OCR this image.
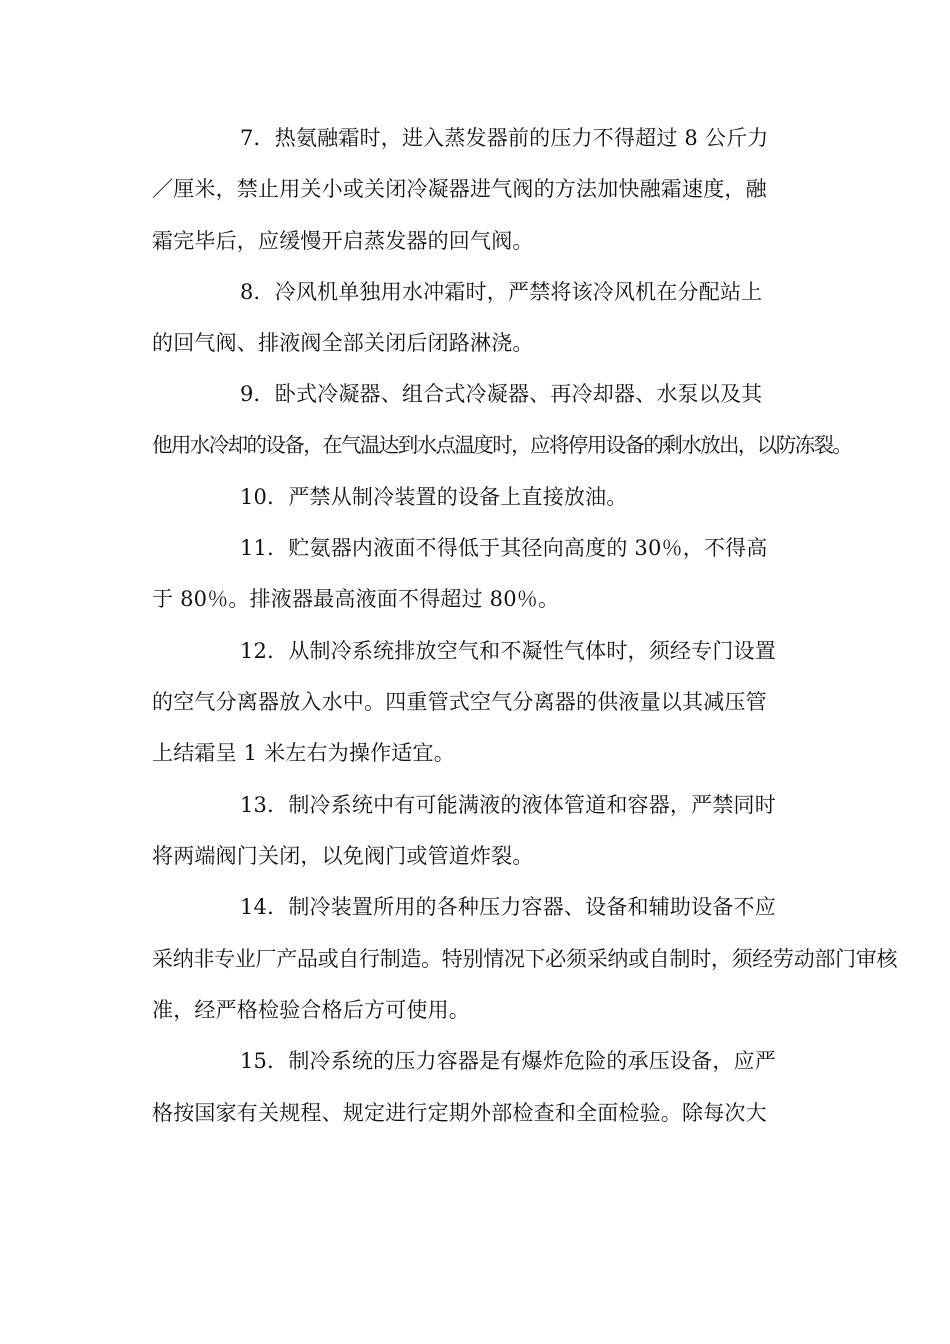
7．热氨融霜时，进入蒸发器前的压力不得超过 8 公斤力
／厘米，禁止用关小或关闭冷凝器进气阀的方法加快融霜速度，融
霜完毕后，应缓慢开启蒸发器的回气阀。
8．冷风机单独用水冲霜时，严禁将该冷风机在分配站上
的回气阀、排液阀全部关闭后闭路淋浇。
9．卧式冷凝器、组合式冷凝器、再冷却器、水泵以及其
他用水冷却的设备，在气温达到水点温度时，应将停用设备的剩水放出，以防冻裂。
10．严禁从制冷装置的设备上直接放油。
11．贮氨器内液面不得低于其径向高度的 30％，不得高
于 80％。排液器最高液面不得超过 80％。
12．从制冷系统排放空气和不凝性气体时，须经专门设置
的空气分离器放入水中。四重管式空气分离器的供液量以其减压管
上结霜呈 1 米左右为操作适宜。
13．制冷系统中有可能满液的液体管道和容器，严禁同时
将两端阀门关闭，以免阀门或管道炸裂。
14．制冷装置所用的各种压力容器、设备和辅助设备不应
采纳非专业厂产品或自行制造。特别情况下必须采纳或自制时，须经劳动部门审核
准，经严格检验合格后方可使用。
15．制冷系统的压力容器是有爆炸危险的承压设备，应严
格按国家有关规程、规定进行定期外部检查和全面检验。除每次大
